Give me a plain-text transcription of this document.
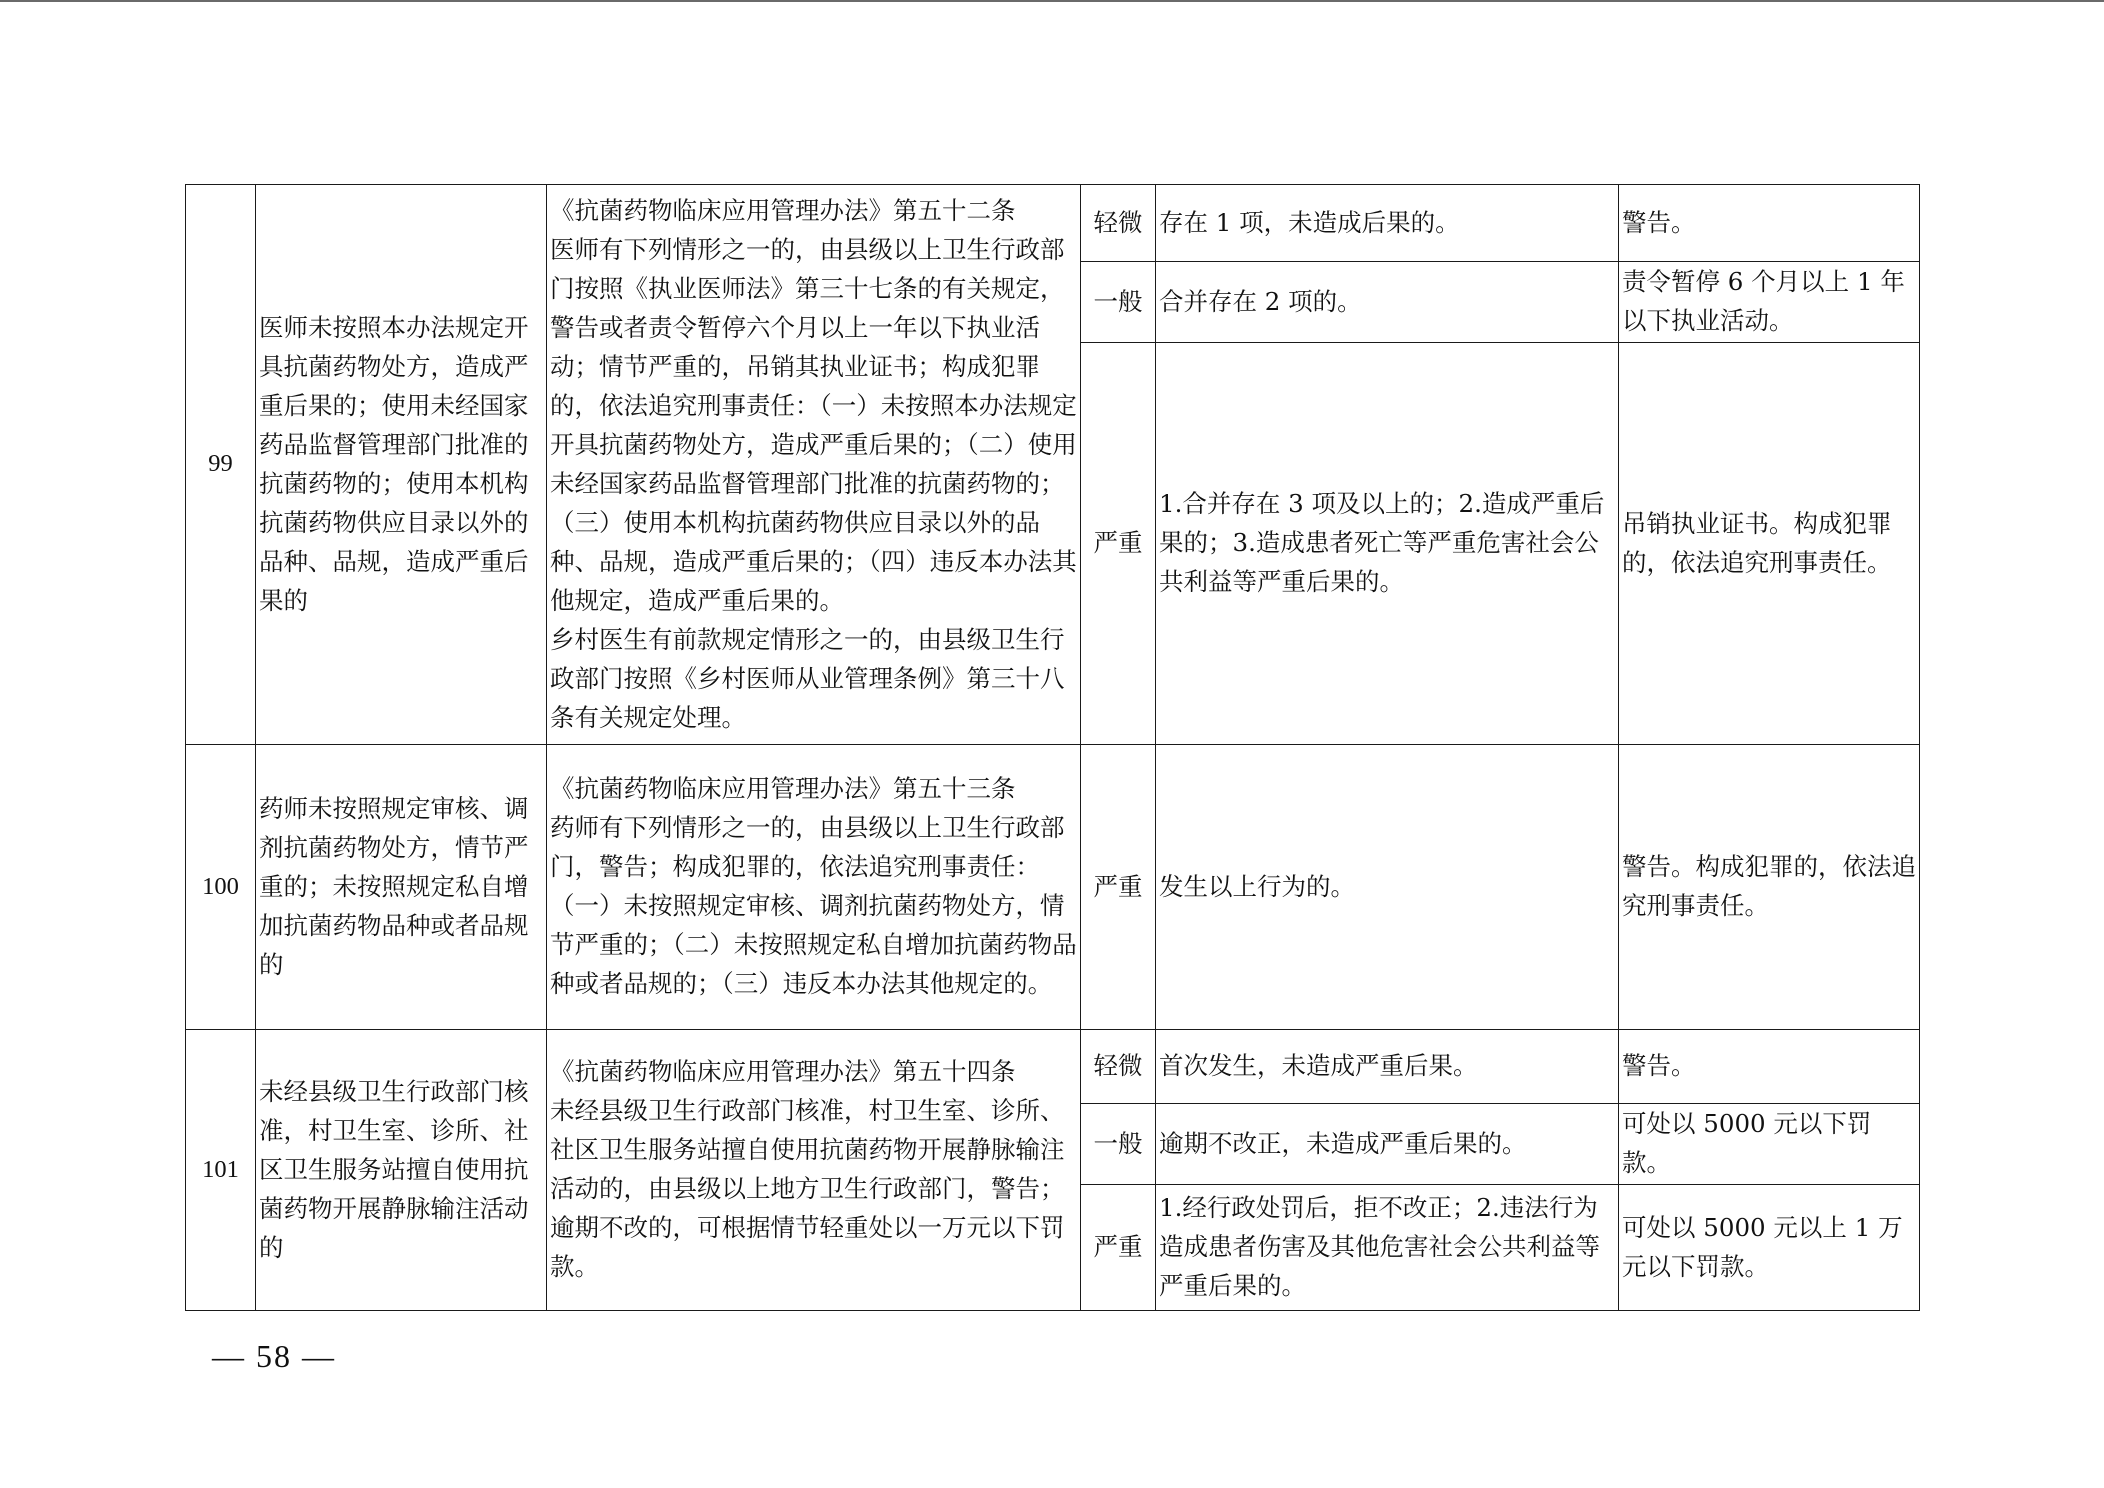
99	医师未按照本办法规定开具抗菌药物处方，造成严重后果的；使用未经国家药品监督管理部门批准的抗菌药物的；使用本机构抗菌药物供应目录以外的品种、品规，造成严重后果的	《抗菌药物临床应用管理办法》第五十二条
医师有下列情形之一的，由县级以上卫生行政部门按照《执业医师法》第三十七条的有关规定，警告或者责令暂停六个月以上一年以下执业活动；情节严重的，吊销其执业证书；构成犯罪的，依法追究刑事责任：（一）未按照本办法规定开具抗菌药物处方，造成严重后果的；（二）使用未经国家药品监督管理部门批准的抗菌药物的；（三）使用本机构抗菌药物供应目录以外的品种、品规，造成严重后果的；（四）违反本办法其他规定，造成严重后果的。
乡村医生有前款规定情形之一的，由县级卫生行政部门按照《乡村医师从业管理条例》第三十八条有关规定处理。	轻微	存在 1 项，未造成后果的。	警告。
			一般	合并存在 2 项的。	责令暂停 6 个月以上 1 年以下执业活动。
			严重	1.合并存在 3 项及以上的；2.造成严重后果的；3.造成患者死亡等严重危害社会公共利益等严重后果的。	吊销执业证书。构成犯罪的，依法追究刑事责任。
100	药师未按照规定审核、调剂抗菌药物处方，情节严重的；未按照规定私自增加抗菌药物品种或者品规的	《抗菌药物临床应用管理办法》第五十三条
药师有下列情形之一的，由县级以上卫生行政部门，警告；构成犯罪的，依法追究刑事责任：（一）未按照规定审核、调剂抗菌药物处方，情节严重的；（二）未按照规定私自增加抗菌药物品种或者品规的；（三）违反本办法其他规定的。	严重	发生以上行为的。	警告。构成犯罪的，依法追究刑事责任。
101	未经县级卫生行政部门核准，村卫生室、诊所、社区卫生服务站擅自使用抗菌药物开展静脉输注活动的	《抗菌药物临床应用管理办法》第五十四条
未经县级卫生行政部门核准，村卫生室、诊所、社区卫生服务站擅自使用抗菌药物开展静脉输注活动的，由县级以上地方卫生行政部门，警告；逾期不改的，可根据情节轻重处以一万元以下罚款。	轻微	首次发生，未造成严重后果。	警告。
			一般	逾期不改正，未造成严重后果的。	可处以 5000 元以下罚款。
			严重	1.经行政处罚后，拒不改正；2.违法行为造成患者伤害及其他危害社会公共利益等严重后果的。	可处以 5000 元以上 1 万元以下罚款。
— 58 —
